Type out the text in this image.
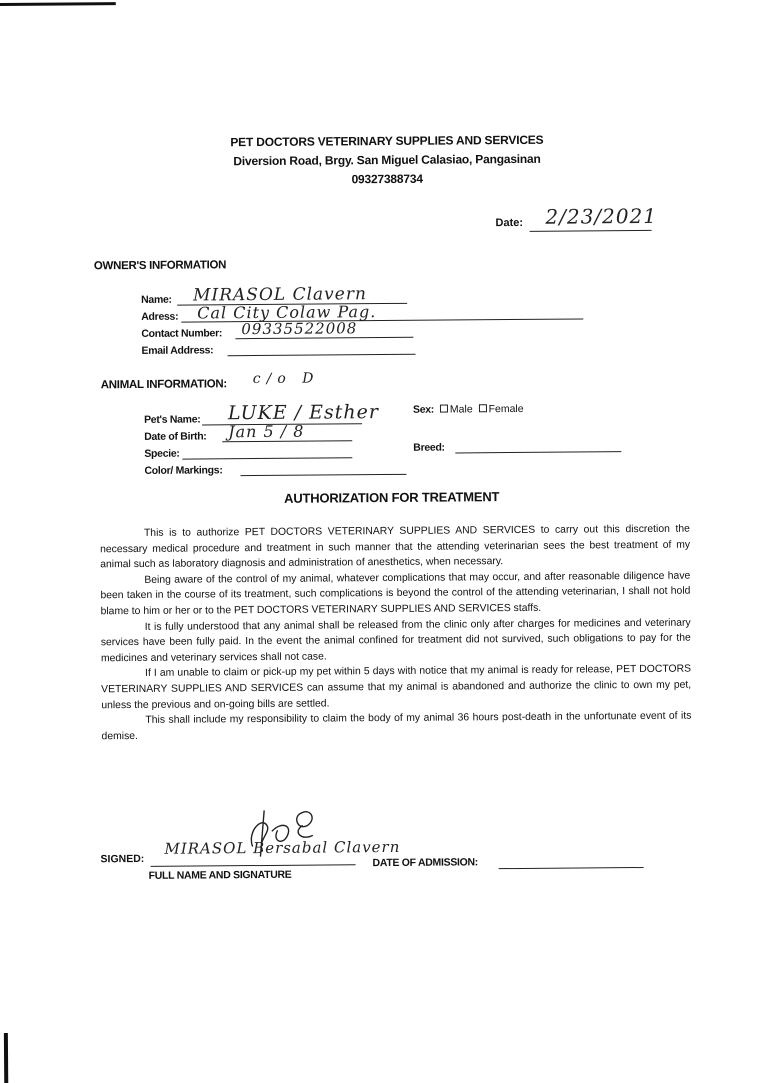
PET DOCTORS VETERINARY SUPPLIES AND SERVICES
Diversion Road, Brgy. San Miguel Calasiao, Pangasinan
09327388734
Date: 2/23/2021
OWNER'S INFORMATION
Name: MIRASOL Clavern
Adress: Cal City Colaw Pag.
Contact Number: 09335522008
Email Address:
ANIMAL INFORMATION: c/o D
Pet's Name: LUKE / Esther
Date of Birth: Jan 5 / 8
Specie:
Color/ Markings:
Sex: Male Female
Breed:
AUTHORIZATION FOR TREATMENT

This is to authorize PET DOCTORS VETERINARY SUPPLIES AND SERVICES to carry out this discretion the necessary medical procedure and treatment in such manner that the attending veterinarian sees the best treatment of my animal such as laboratory diagnosis and administration of anesthetics, when necessary.

Being aware of the control of my animal, whatever complications that may occur, and after reasonable diligence have been taken in the course of its treatment, such complications is beyond the control of the attending veterinarian, I shall not hold blame to him or her or to the PET DOCTORS VETERINARY SUPPLIES AND SERVICES staffs.

It is fully understood that any animal shall be released from the clinic only after charges for medicines and veterinary services have been fully paid. In the event the animal confined for treatment did not survived, such obligations to pay for the medicines and veterinary services shall not case.

If I am unable to claim or pick-up my pet within 5 days with notice that my animal is ready for release, PET DOCTORS VETERINARY SUPPLIES AND SERVICES can assume that my animal is abandoned and authorize the clinic to own my pet, unless the previous and on-going bills are settled.

This shall include my responsibility to claim the body of my animal 36 hours post-death in the unfortunate event of its demise.

SIGNED:
MIRASOL Bersabal Clavern
FULL NAME AND SIGNATURE
DATE OF ADMISSION:
